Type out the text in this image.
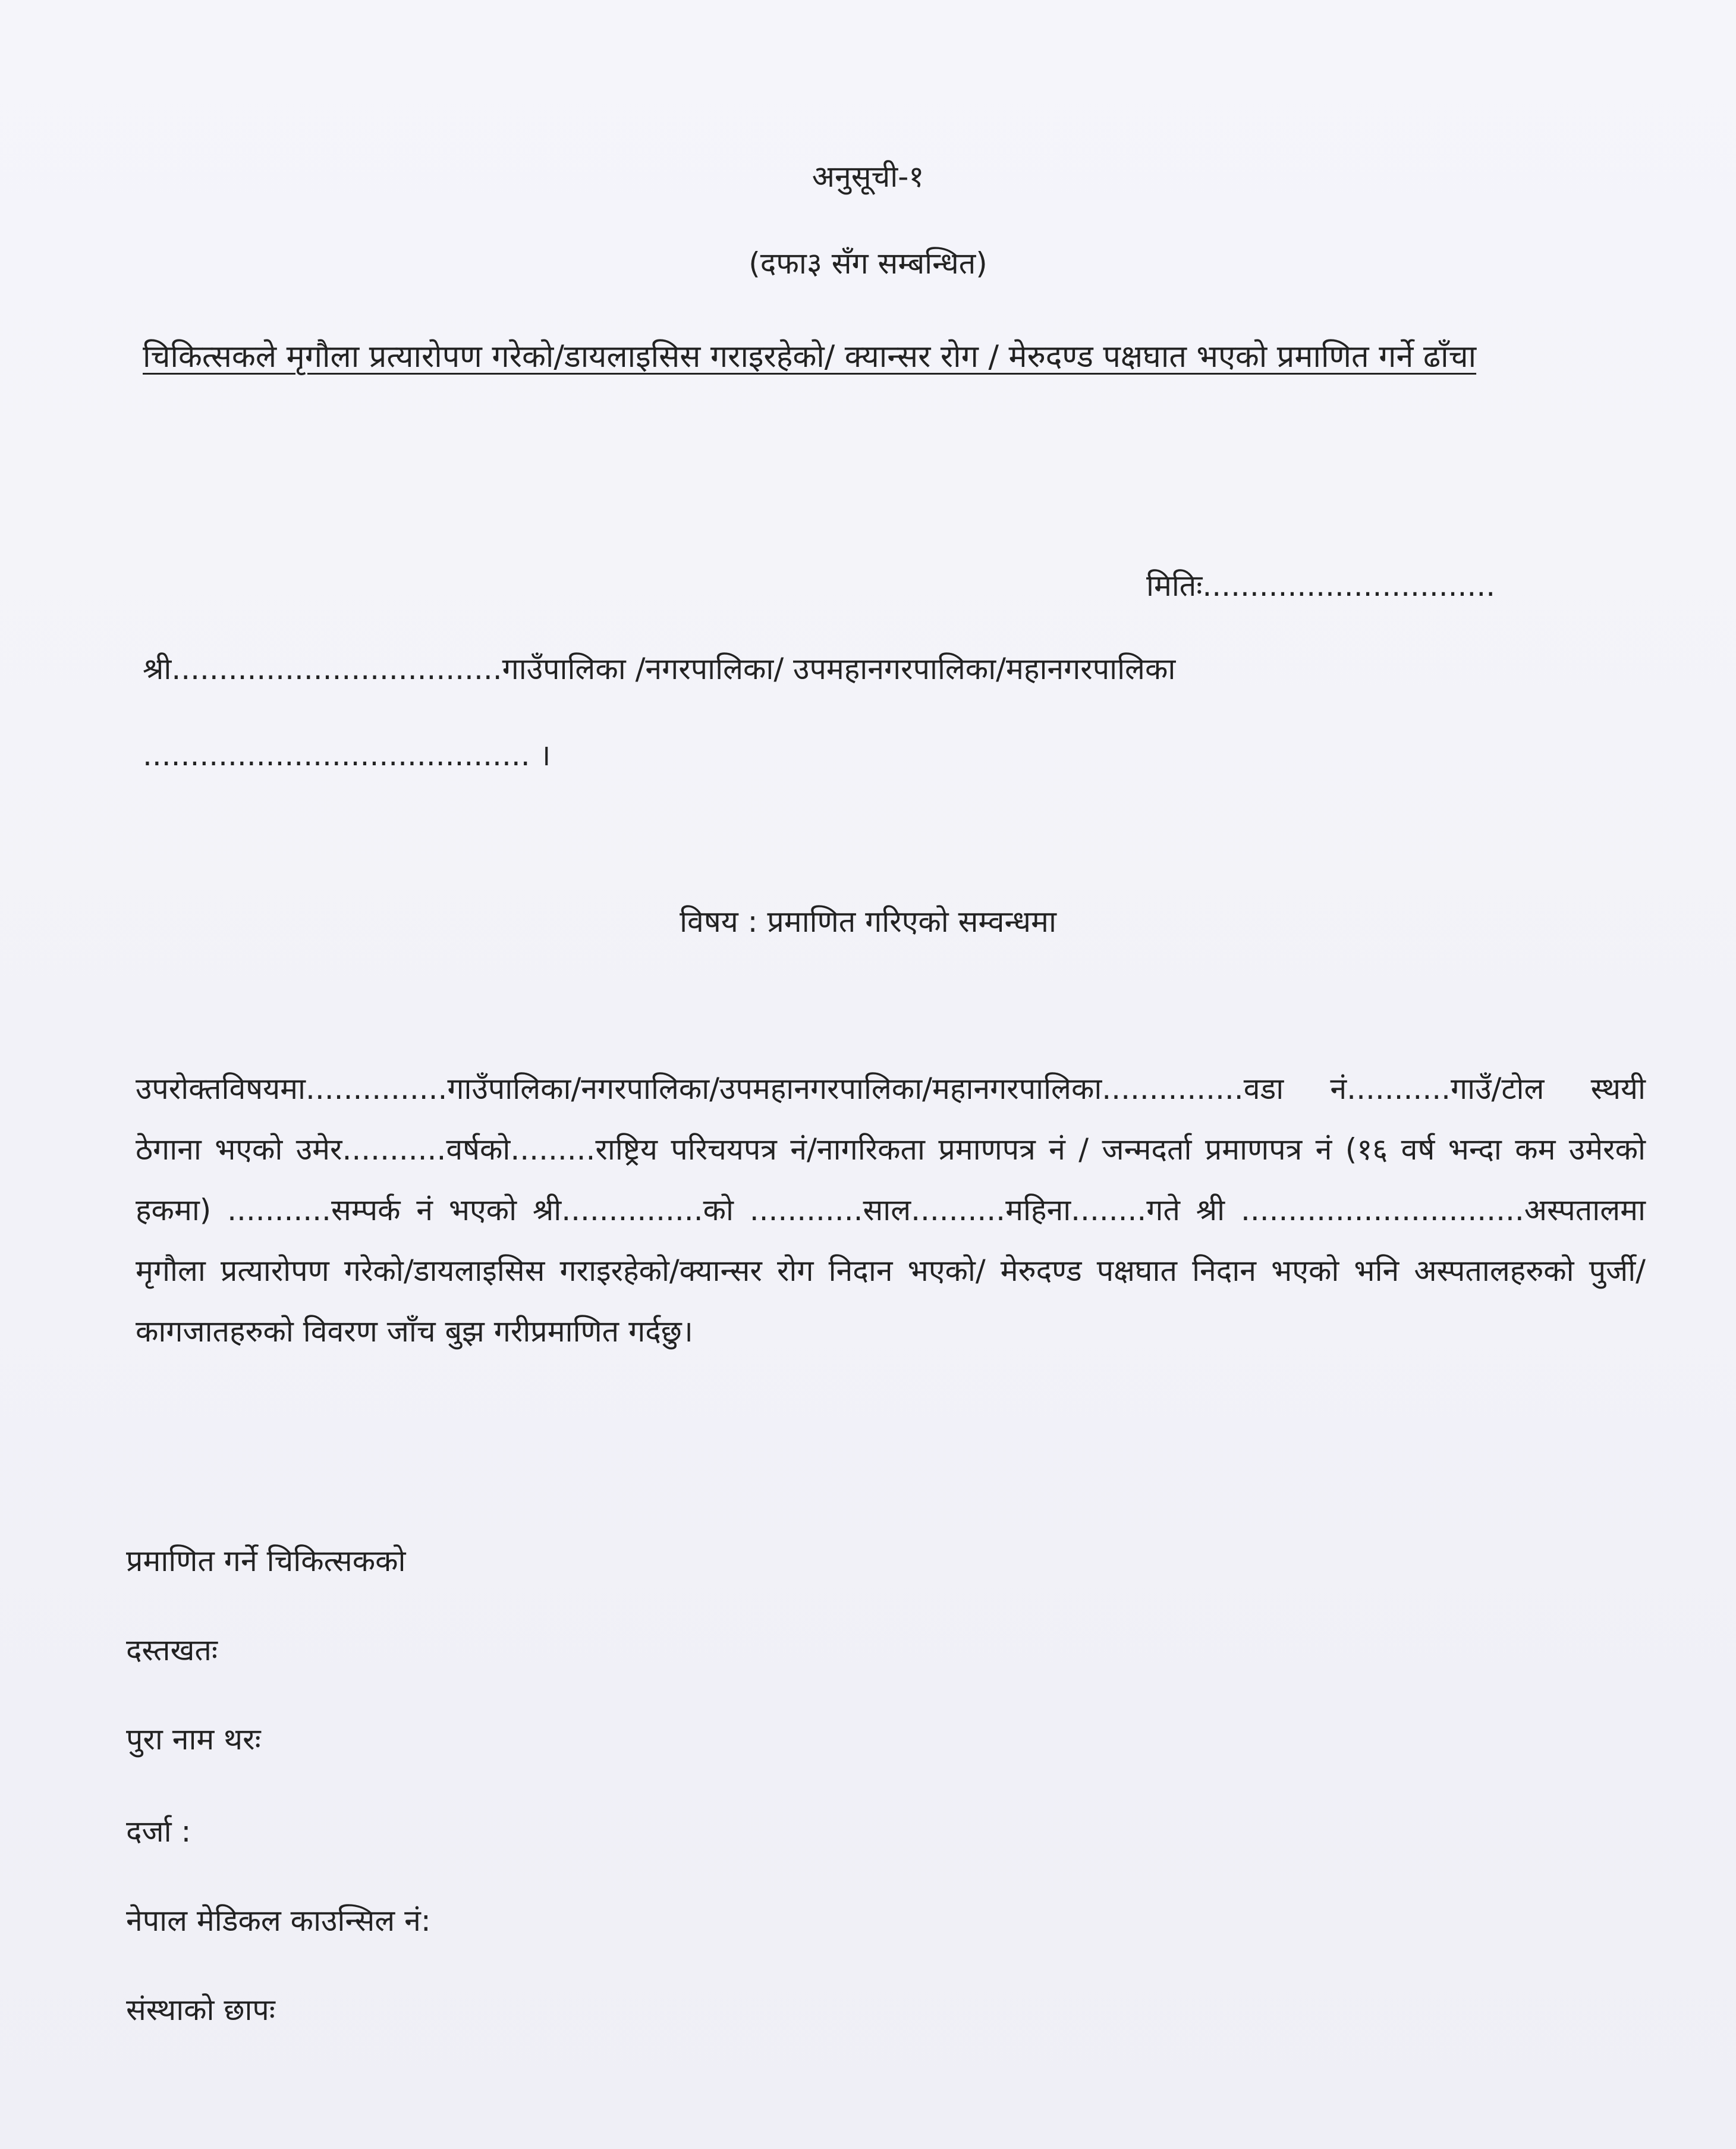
अनुसूची-१
(दफा३ सँग सम्बन्धित)
चिकित्सकले मृगौला प्रत्यारोपण गरेको/डायलाइसिस गराइरहेको/ क्यान्सर रोग / मेरुदण्ड पक्षघात भएको प्रमाणित गर्ने ढाँचा
मितिः...............................
श्री...................................गाउँपालिका /नगरपालिका/ उपमहानगरपालिका/महानगरपालिका
......................................... ।
विषय : प्रमाणित गरिएको सम्वन्धमा
उपरोक्तविषयमा...............गाउँपालिका/नगरपालिका/उपमहानगरपालिका/महानगरपालिका...............वडा नं...........गाउँ/टोल स्थयी ठेगाना भएको उमेर...........वर्षको.........राष्ट्रिय परिचयपत्र नं/नागरिकता प्रमाणपत्र नं / जन्मदर्ता प्रमाणपत्र नं (१६ वर्ष भन्दा कम उमेरको हकमा) ...........सम्पर्क नं भएको श्री...............को ............साल..........महिना........गते श्री ..............................अस्पतालमा मृगौला प्रत्यारोपण गरेको/डायलाइसिस गराइरहेको/क्यान्सर रोग निदान भएको/ मेरुदण्ड पक्षघात निदान भएको भनि अस्पतालहरुको पुर्जी/ कागजातहरुको विवरण जाँच बुझ गरीप्रमाणित गर्दछु।
प्रमाणित गर्ने चिकित्सकको
दस्तखतः
पुरा नाम थरः
दर्जा :
नेपाल मेडिकल काउन्सिल नं:
संस्थाको छापः
